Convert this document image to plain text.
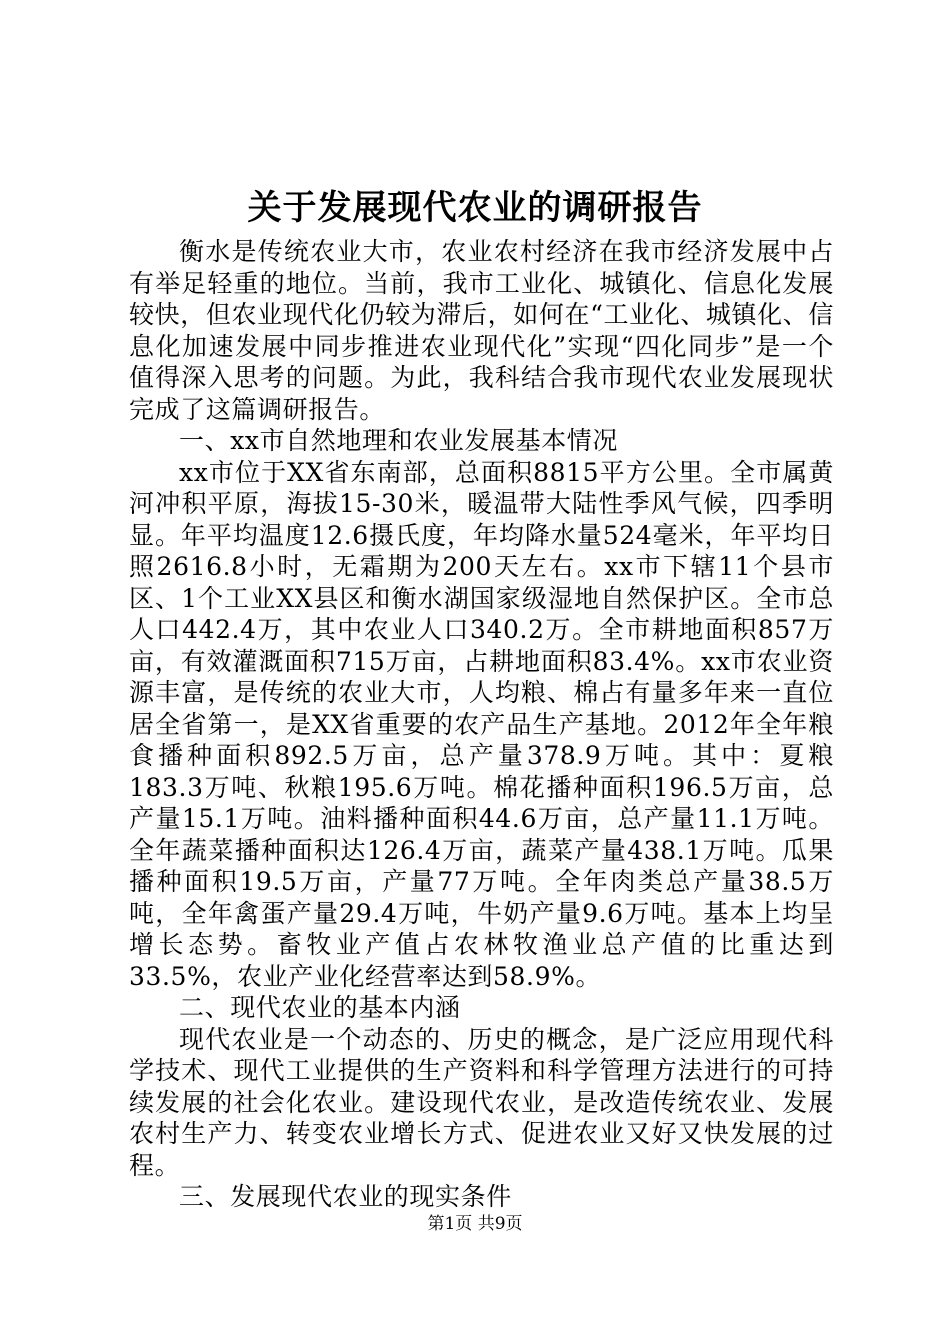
关于发展现代农业的调研报告

衡水是传统农业大市，农业农村经济在我市经济发展中占有举足轻重的地位。当前，我市工业化、城镇化、信息化发展较快，但农业现代化仍较为滞后，如何在“工业化、城镇化、信息化加速发展中同步推进农业现代化”实现“四化同步”是一个值得深入思考的问题。为此，我科结合我市现代农业发展现状完成了这篇调研报告。

一、xx市自然地理和农业发展基本情况

xx市位于XX省东南部，总面积8815平方公里。全市属黄河冲积平原，海拔15-30米，暖温带大陆性季风气候，四季明显。年平均温度12.6摄氏度，年均降水量524毫米，年平均日照2616.8小时，无霜期为200天左右。xx市下辖11个县市区、1个工业XX县区和衡水湖国家级湿地自然保护区。全市总人口442.4万，其中农业人口340.2万。全市耕地面积857万亩，有效灌溉面积715万亩，占耕地面积83.4%。xx市农业资源丰富，是传统的农业大市，人均粮、棉占有量多年来一直位居全省第一，是XX省重要的农产品生产基地。2012年全年粮食播种面积892.5万亩，总产量378.9万吨。其中：夏粮183.3万吨、秋粮195.6万吨。棉花播种面积196.5万亩，总产量15.1万吨。油料播种面积44.6万亩，总产量11.1万吨。全年蔬菜播种面积达126.4万亩，蔬菜产量438.1万吨。瓜果播种面积19.5万亩，产量77万吨。全年肉类总产量38.5万吨，全年禽蛋产量29.4万吨，牛奶产量9.6万吨。基本上均呈增长态势。畜牧业产值占农林牧渔业总产值的比重达到33.5%，农业产业化经营率达到58.9%。

二、现代农业的基本内涵

现代农业是一个动态的、历史的概念，是广泛应用现代科学技术、现代工业提供的生产资料和科学管理方法进行的可持续发展的社会化农业。建设现代农业，是改造传统农业、发展农村生产力、转变农业增长方式、促进农业又好又快发展的过程。

三、发展现代农业的现实条件

第1页 共9页
